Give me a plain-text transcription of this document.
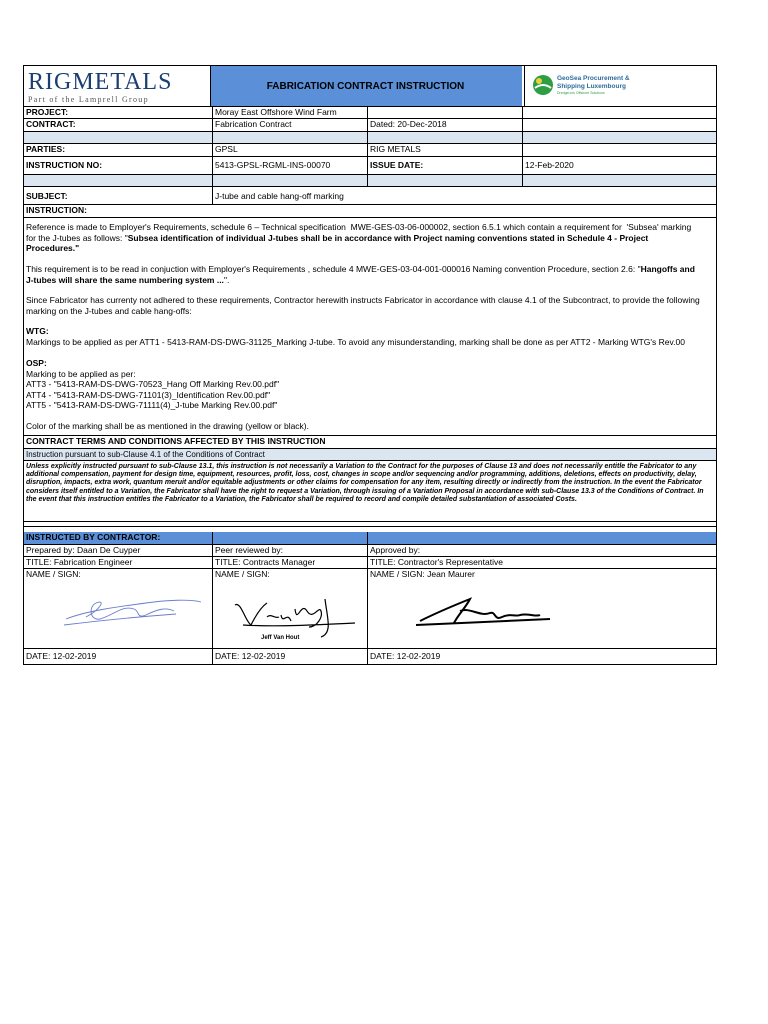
RIGMETALS
Part of the Lamprell Group
FABRICATION CONTRACT INSTRUCTION
GeoSea Procurement &
Shipping Luxembourg
DredgeLink Offshore Solutions
PROJECT:	Moray East Offshore Wind Farm
CONTRACT:	Fabrication Contract	Dated: 20-Dec-2018
PARTIES:	GPSL	RIG METALS
INSTRUCTION NO:	5413-GPSL-RGML-INS-00070	ISSUE DATE:	12-Feb-2020
SUBJECT:	J-tube and cable hang-off marking
INSTRUCTION:
Reference is made to Employer's Requirements, schedule 6 – Technical specification  MWE-GES-03-06-000002, section 6.5.1 which contain a requirement for  'Subsea' marking
for the J-tubes as follows: "Subsea identification of individual J-tubes shall be in accordance with Project naming conventions stated in Schedule 4 - Project
Procedures."
This requirement is to be read in conjuction with Employer's Requirements , schedule 4 MWE-GES-03-04-001-000016 Naming convention Procedure, section 2.6: "Hangoffs and
J-tubes will share the same numbering system ...".
Since Fabricator has currenty not adhered to these requirements, Contractor herewith instructs Fabricator in accordance with clause 4.1 of the Subcontract, to provide the following
marking on the J-tubes and cable hang-offs:
WTG:
Markings to be applied as per ATT1 - 5413-RAM-DS-DWG-31125_Marking J-tube. To avoid any misunderstanding, marking shall be done as per ATT2 - Marking WTG's Rev.00
OSP:
Marking to be applied as per:
ATT3 - "5413-RAM-DS-DWG-70523_Hang Off Marking Rev.00.pdf"
ATT4 - "5413-RAM-DS-DWG-71101(3)_Identification Rev.00.pdf"
ATT5 - "5413-RAM-DS-DWG-71111(4)_J-tube Marking Rev.00.pdf"
Color of the marking shall be as mentioned in the drawing (yellow or black).
CONTRACT TERMS AND CONDITIONS AFFECTED BY THIS INSTRUCTION
Instruction pursuant to sub-Clause 4.1 of the Conditions of Contract
Unless explicitly instructed pursuant to sub-Clause 13.1, this instruction is not necessarily a Variation to the Contract for the purposes of Clause 13 and does not necessarily entitle the Fabricator to any additional compensation, payment for design time, equipment, resources, profit, loss, cost, changes in scope and/or sequencing and/or programming, additions, deletions, effects on productivity, delay, disruption, impacts, extra work, quantum meruit and/or equitable adjustments or other claims for compensation for any item, resulting directly or indirectly from the instruction. In the event the Fabricator considers itself entitled to a Variation, the Fabricator shall have the right to request a Variation, through issuing of a Variation Proposal in accordance with sub-Clause 13.3 of the Conditions of Contract. In the event that this instruction entitles the Fabricator to a Variation, the Fabricator shall be required to record and compile detailed substantiation of associated Costs.
INSTRUCTED BY CONTRACTOR:
Prepared by: Daan De Cuyper	Peer reviewed by:	Approved by:
TITLE: Fabrication Engineer	TITLE: Contracts Manager	TITLE: Contractor's Representative
NAME / SIGN:	NAME / SIGN:	NAME / SIGN: Jean Maurer
Jeff Van Hout
DATE: 12-02-2019	DATE: 12-02-2019	DATE: 12-02-2019
